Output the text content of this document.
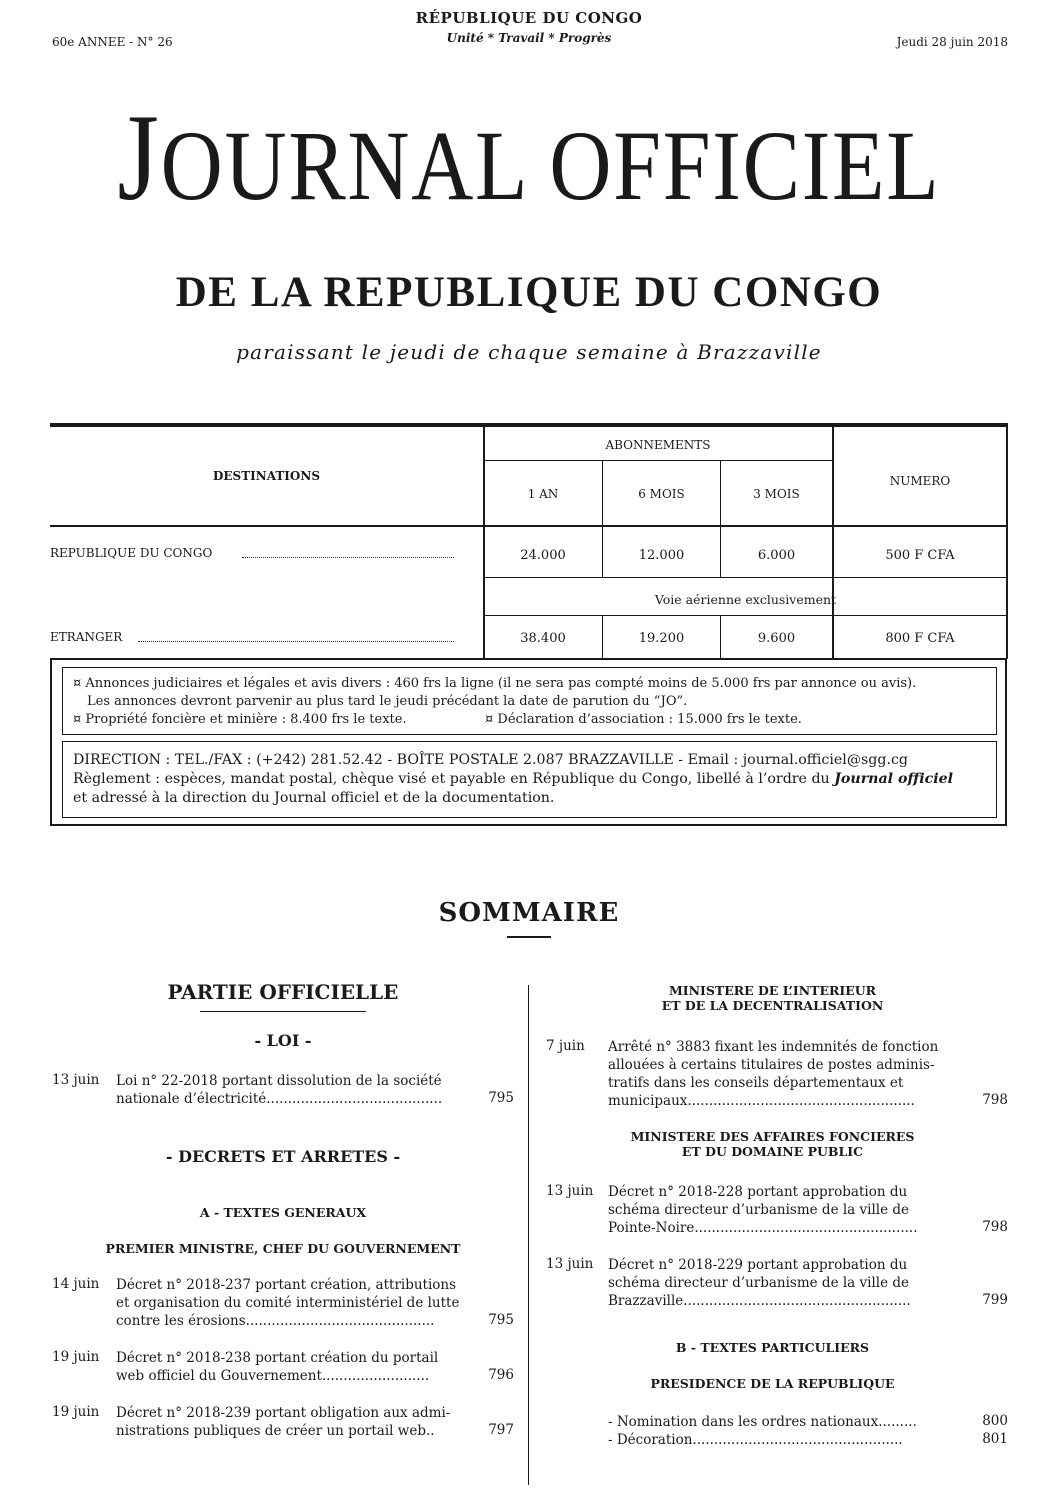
60e ANNEE - N° 26	Jeudi 28 juin 2018
RÉPUBLIQUE DU CONGO
Unité * Travail * Progrès
JOURNAL OFFICIEL
DE LA REPUBLIQUE DU CONGO
paraissant le jeudi de chaque semaine à Brazzaville
DESTINATIONS
ABONNEMENTS
NUMERO
1 AN	6 MOIS	3 MOIS
REPUBLIQUE DU CONGO	24.000	12.000	6.000	500 F CFA
Voie aérienne exclusivement
ETRANGER	38.400	19.200	9.600	800 F CFA
¤ Annonces judiciaires et légales et avis divers : 460 frs la ligne (il ne sera pas compté moins de 5.000 frs par annonce ou avis).
Les annonces devront parvenir au plus tard le jeudi précédant la date de parution du “JO”.
¤ Propriété foncière et minière : 8.400 frs le texte.	¤ Déclaration d’association : 15.000 frs le texte.
DIRECTION : TEL./FAX : (+242) 281.52.42 - BOÎTE POSTALE 2.087 BRAZZAVILLE - Email : journal.officiel@sgg.cg
Règlement : espèces, mandat postal, chèque visé et payable en République du Congo, libellé à l’ordre du Journal officiel
et adressé à la direction du Journal officiel et de la documentation.
SOMMAIRE
PARTIE OFFICIELLE
- LOI -
13 juin Loi n° 22-2018 portant dissolution de la société
nationale d’électricité.........................................	795
- DECRETS ET ARRETES -
A - TEXTES GENERAUX
PREMIER MINISTRE, CHEF DU GOUVERNEMENT
14 juin Décret n° 2018-237 portant création, attributions
et organisation du comité interministériel de lutte
contre les érosions............................................	795
19 juin Décret n° 2018-238 portant création du portail
web officiel du Gouvernement.........................	796
19 juin Décret n° 2018-239 portant obligation aux admi-
nistrations publiques de créer un portail web..	797
MINISTERE DE L’INTERIEUR
ET DE LA DECENTRALISATION
7 juin Arrêté n° 3883 fixant les indemnités de fonction
allouées à certains titulaires de postes adminis-
tratifs dans les conseils départementaux et
municipaux.....................................................	798
MINISTERE DES AFFAIRES FONCIERES
ET DU DOMAINE PUBLIC
13 juin Décret n° 2018-228 portant approbation du
schéma directeur d’urbanisme de la ville de
Pointe-Noire....................................................	798
13 juin Décret n° 2018-229 portant approbation du
schéma directeur d’urbanisme de la ville de
Brazzaville.....................................................	799
B - TEXTES PARTICULIERS
PRESIDENCE DE LA REPUBLIQUE
- Nomination dans les ordres nationaux.........	800
- Décoration.................................................	801
